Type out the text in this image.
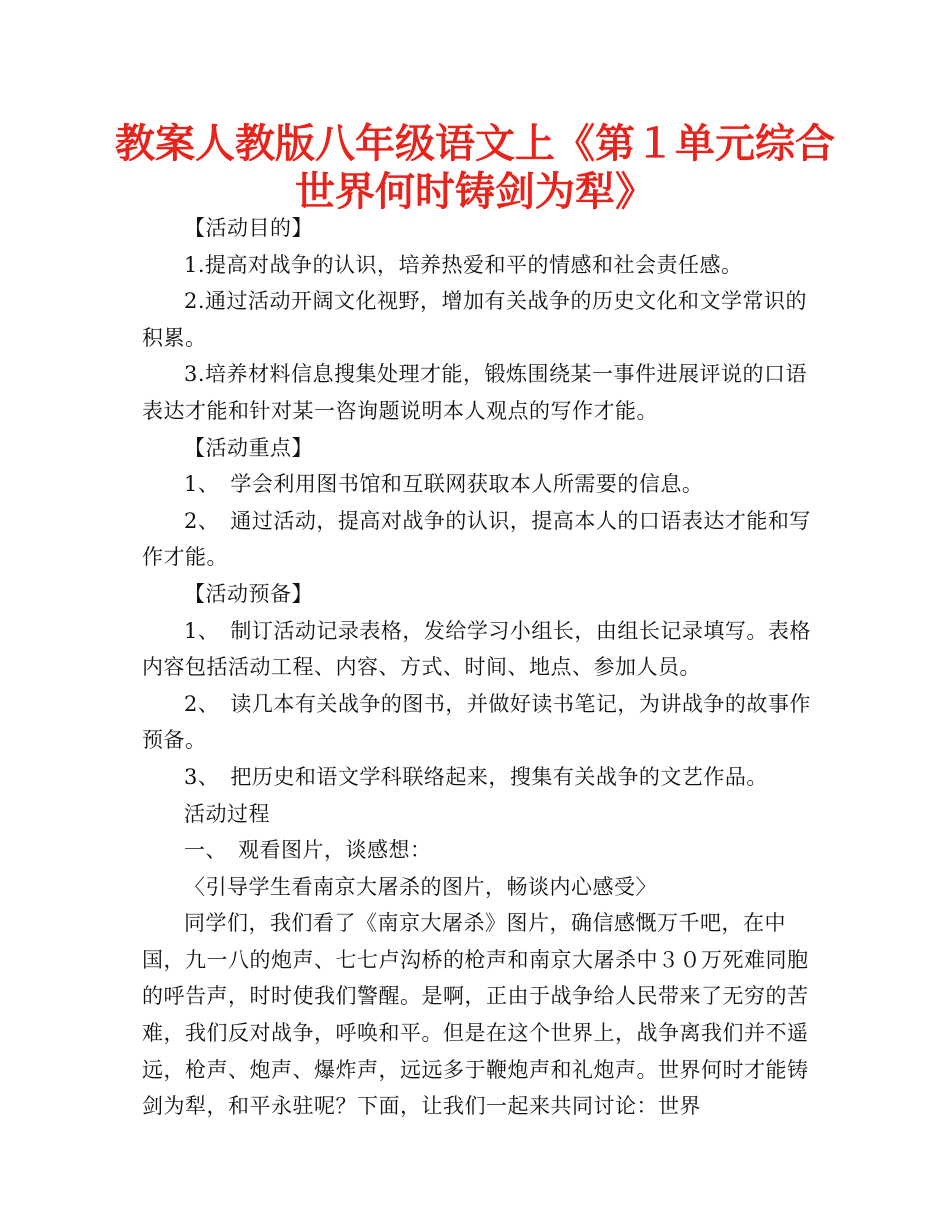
教案人教版八年级语文上《第１单元综合
世界何时铸剑为犁》

【活动目的】

1.提高对战争的认识，培养热爱和平的情感和社会责任感。

2.通过活动开阔文化视野，增加有关战争的历史文化和文学常识的积累。

3.培养材料信息搜集处理才能，锻炼围绕某一事件进展评说的口语表达才能和针对某一咨询题说明本人观点的写作才能。

【活动重点】

1、　学会利用图书馆和互联网获取本人所需要的信息。

2、　通过活动，提高对战争的认识，提高本人的口语表达才能和写作才能。

【活动预备】

1、　制订活动记录表格，发给学习小组长，由组长记录填写。表格内容包括活动工程、内容、方式、时间、地点、参加人员。

2、　读几本有关战争的图书，并做好读书笔记，为讲战争的故事作预备。

3、　把历史和语文学科联络起来，搜集有关战争的文艺作品。

活动过程

一、　观看图片，谈感想：

〈引导学生看南京大屠杀的图片，畅谈内心感受〉

同学们，我们看了《南京大屠杀》图片，确信感慨万千吧，在中国，九一八的炮声、七七卢沟桥的枪声和南京大屠杀中３０万死难同胞的呼告声，时时使我们警醒。是啊，正由于战争给人民带来了无穷的苦难，我们反对战争，呼唤和平。但是在这个世界上，战争离我们并不遥远，枪声、炮声、爆炸声，远远多于鞭炮声和礼炮声。世界何时才能铸剑为犁，和平永驻呢？下面，让我们一起来共同讨论：世界
